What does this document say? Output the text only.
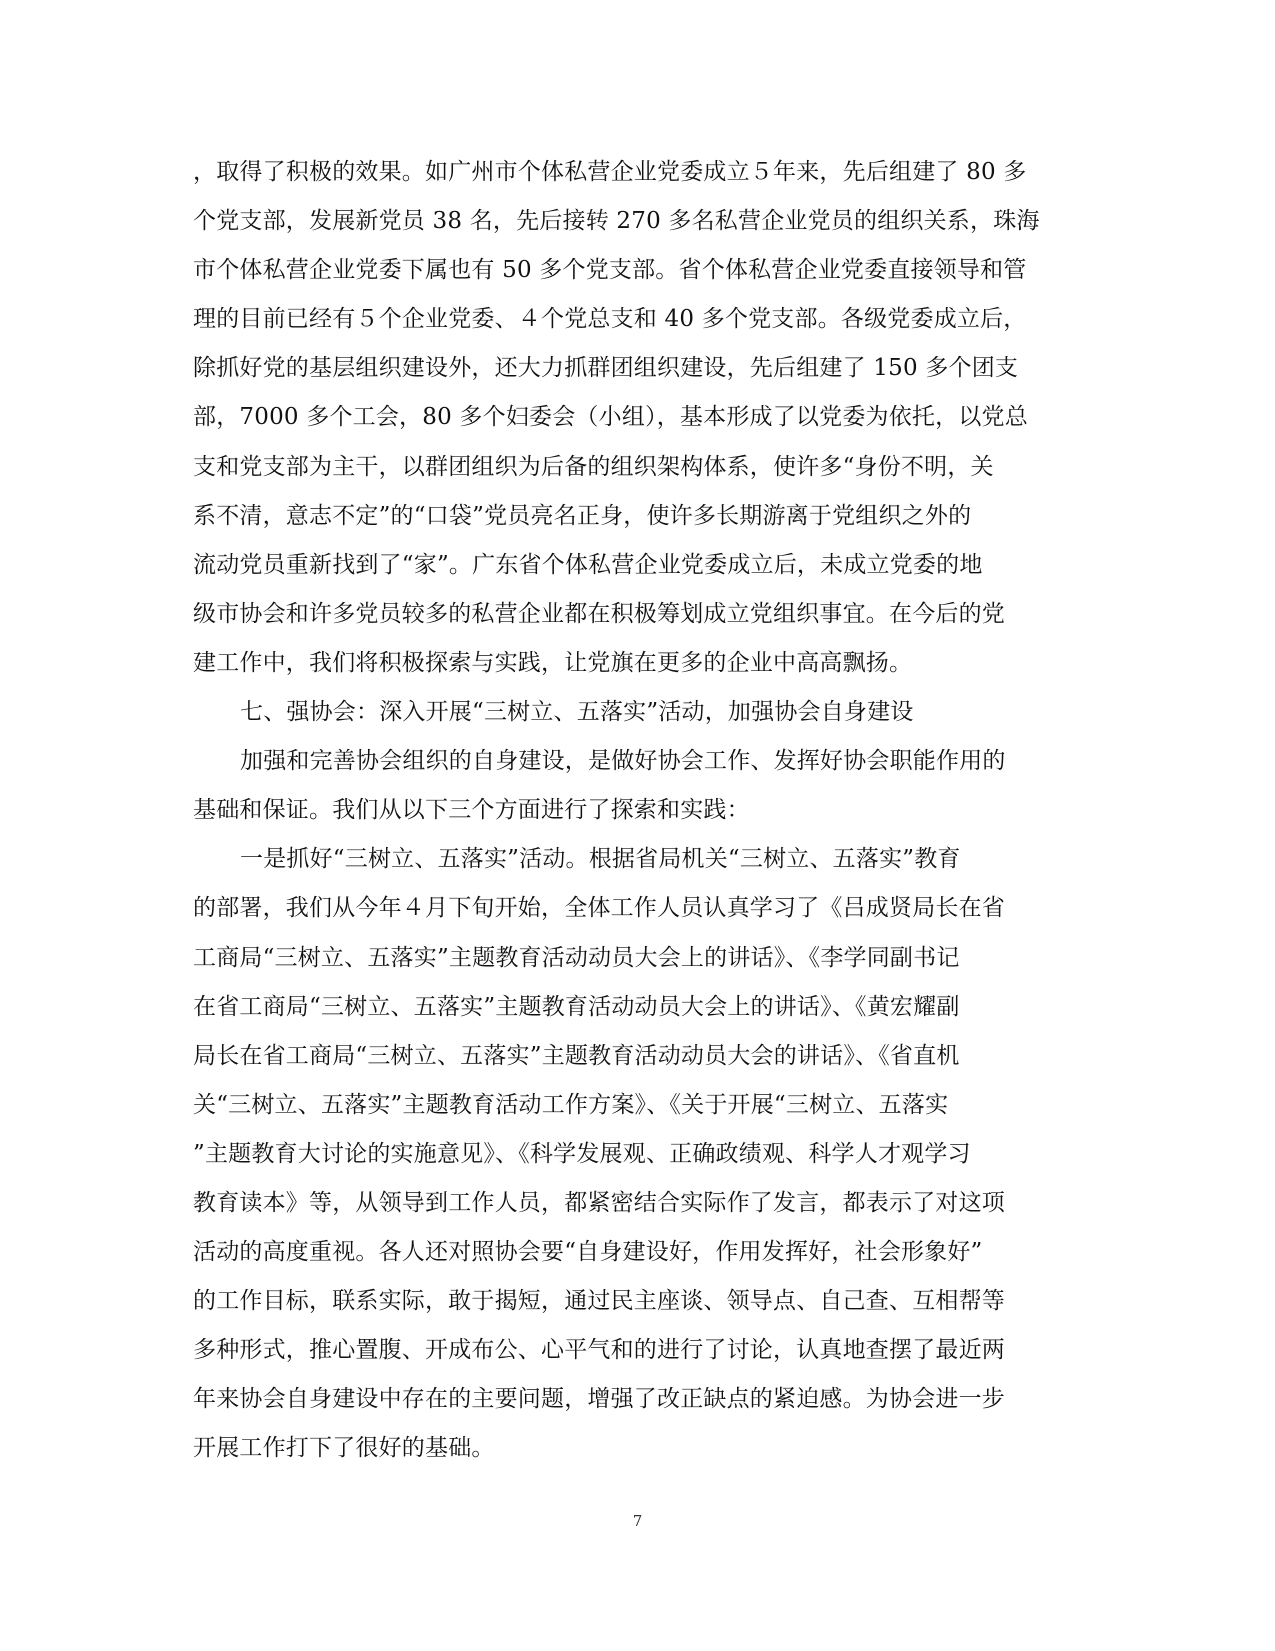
，取得了积极的效果。如广州市个体私营企业党委成立５年来，先后组建了 80 多
个党支部，发展新党员 38 名，先后接转 270 多名私营企业党员的组织关系，珠海
市个体私营企业党委下属也有 50 多个党支部。省个体私营企业党委直接领导和管
理的目前已经有５个企业党委、４个党总支和 40 多个党支部。各级党委成立后，
除抓好党的基层组织建设外，还大力抓群团组织建设，先后组建了 150 多个团支
部，7000 多个工会，80 多个妇委会（小组），基本形成了以党委为依托，以党总
支和党支部为主干，以群团组织为后备的组织架构体系，使许多“身份不明，关
系不清，意志不定”的“口袋”党员亮名正身，使许多长期游离于党组织之外的
流动党员重新找到了“家”。广东省个体私营企业党委成立后，未成立党委的地
级市协会和许多党员较多的私营企业都在积极筹划成立党组织事宜。在今后的党
建工作中，我们将积极探索与实践，让党旗在更多的企业中高高飘扬。
七、强协会：深入开展“三树立、五落实”活动，加强协会自身建设
加强和完善协会组织的自身建设，是做好协会工作、发挥好协会职能作用的
基础和保证。我们从以下三个方面进行了探索和实践：
一是抓好“三树立、五落实”活动。根据省局机关“三树立、五落实”教育
的部署，我们从今年４月下旬开始，全体工作人员认真学习了《吕成贤局长在省
工商局“三树立、五落实”主题教育活动动员大会上的讲话》、《李学同副书记
在省工商局“三树立、五落实”主题教育活动动员大会上的讲话》、《黄宏耀副
局长在省工商局“三树立、五落实”主题教育活动动员大会的讲话》、《省直机
关“三树立、五落实”主题教育活动工作方案》、《关于开展“三树立、五落实
”主题教育大讨论的实施意见》、《科学发展观、正确政绩观、科学人才观学习
教育读本》等，从领导到工作人员，都紧密结合实际作了发言，都表示了对这项
活动的高度重视。各人还对照协会要“自身建设好，作用发挥好，社会形象好”
的工作目标，联系实际，敢于揭短，通过民主座谈、领导点、自己查、互相帮等
多种形式，推心置腹、开成布公、心平气和的进行了讨论，认真地查摆了最近两
年来协会自身建设中存在的主要问题，增强了改正缺点的紧迫感。为协会进一步
开展工作打下了很好的基础。
7
